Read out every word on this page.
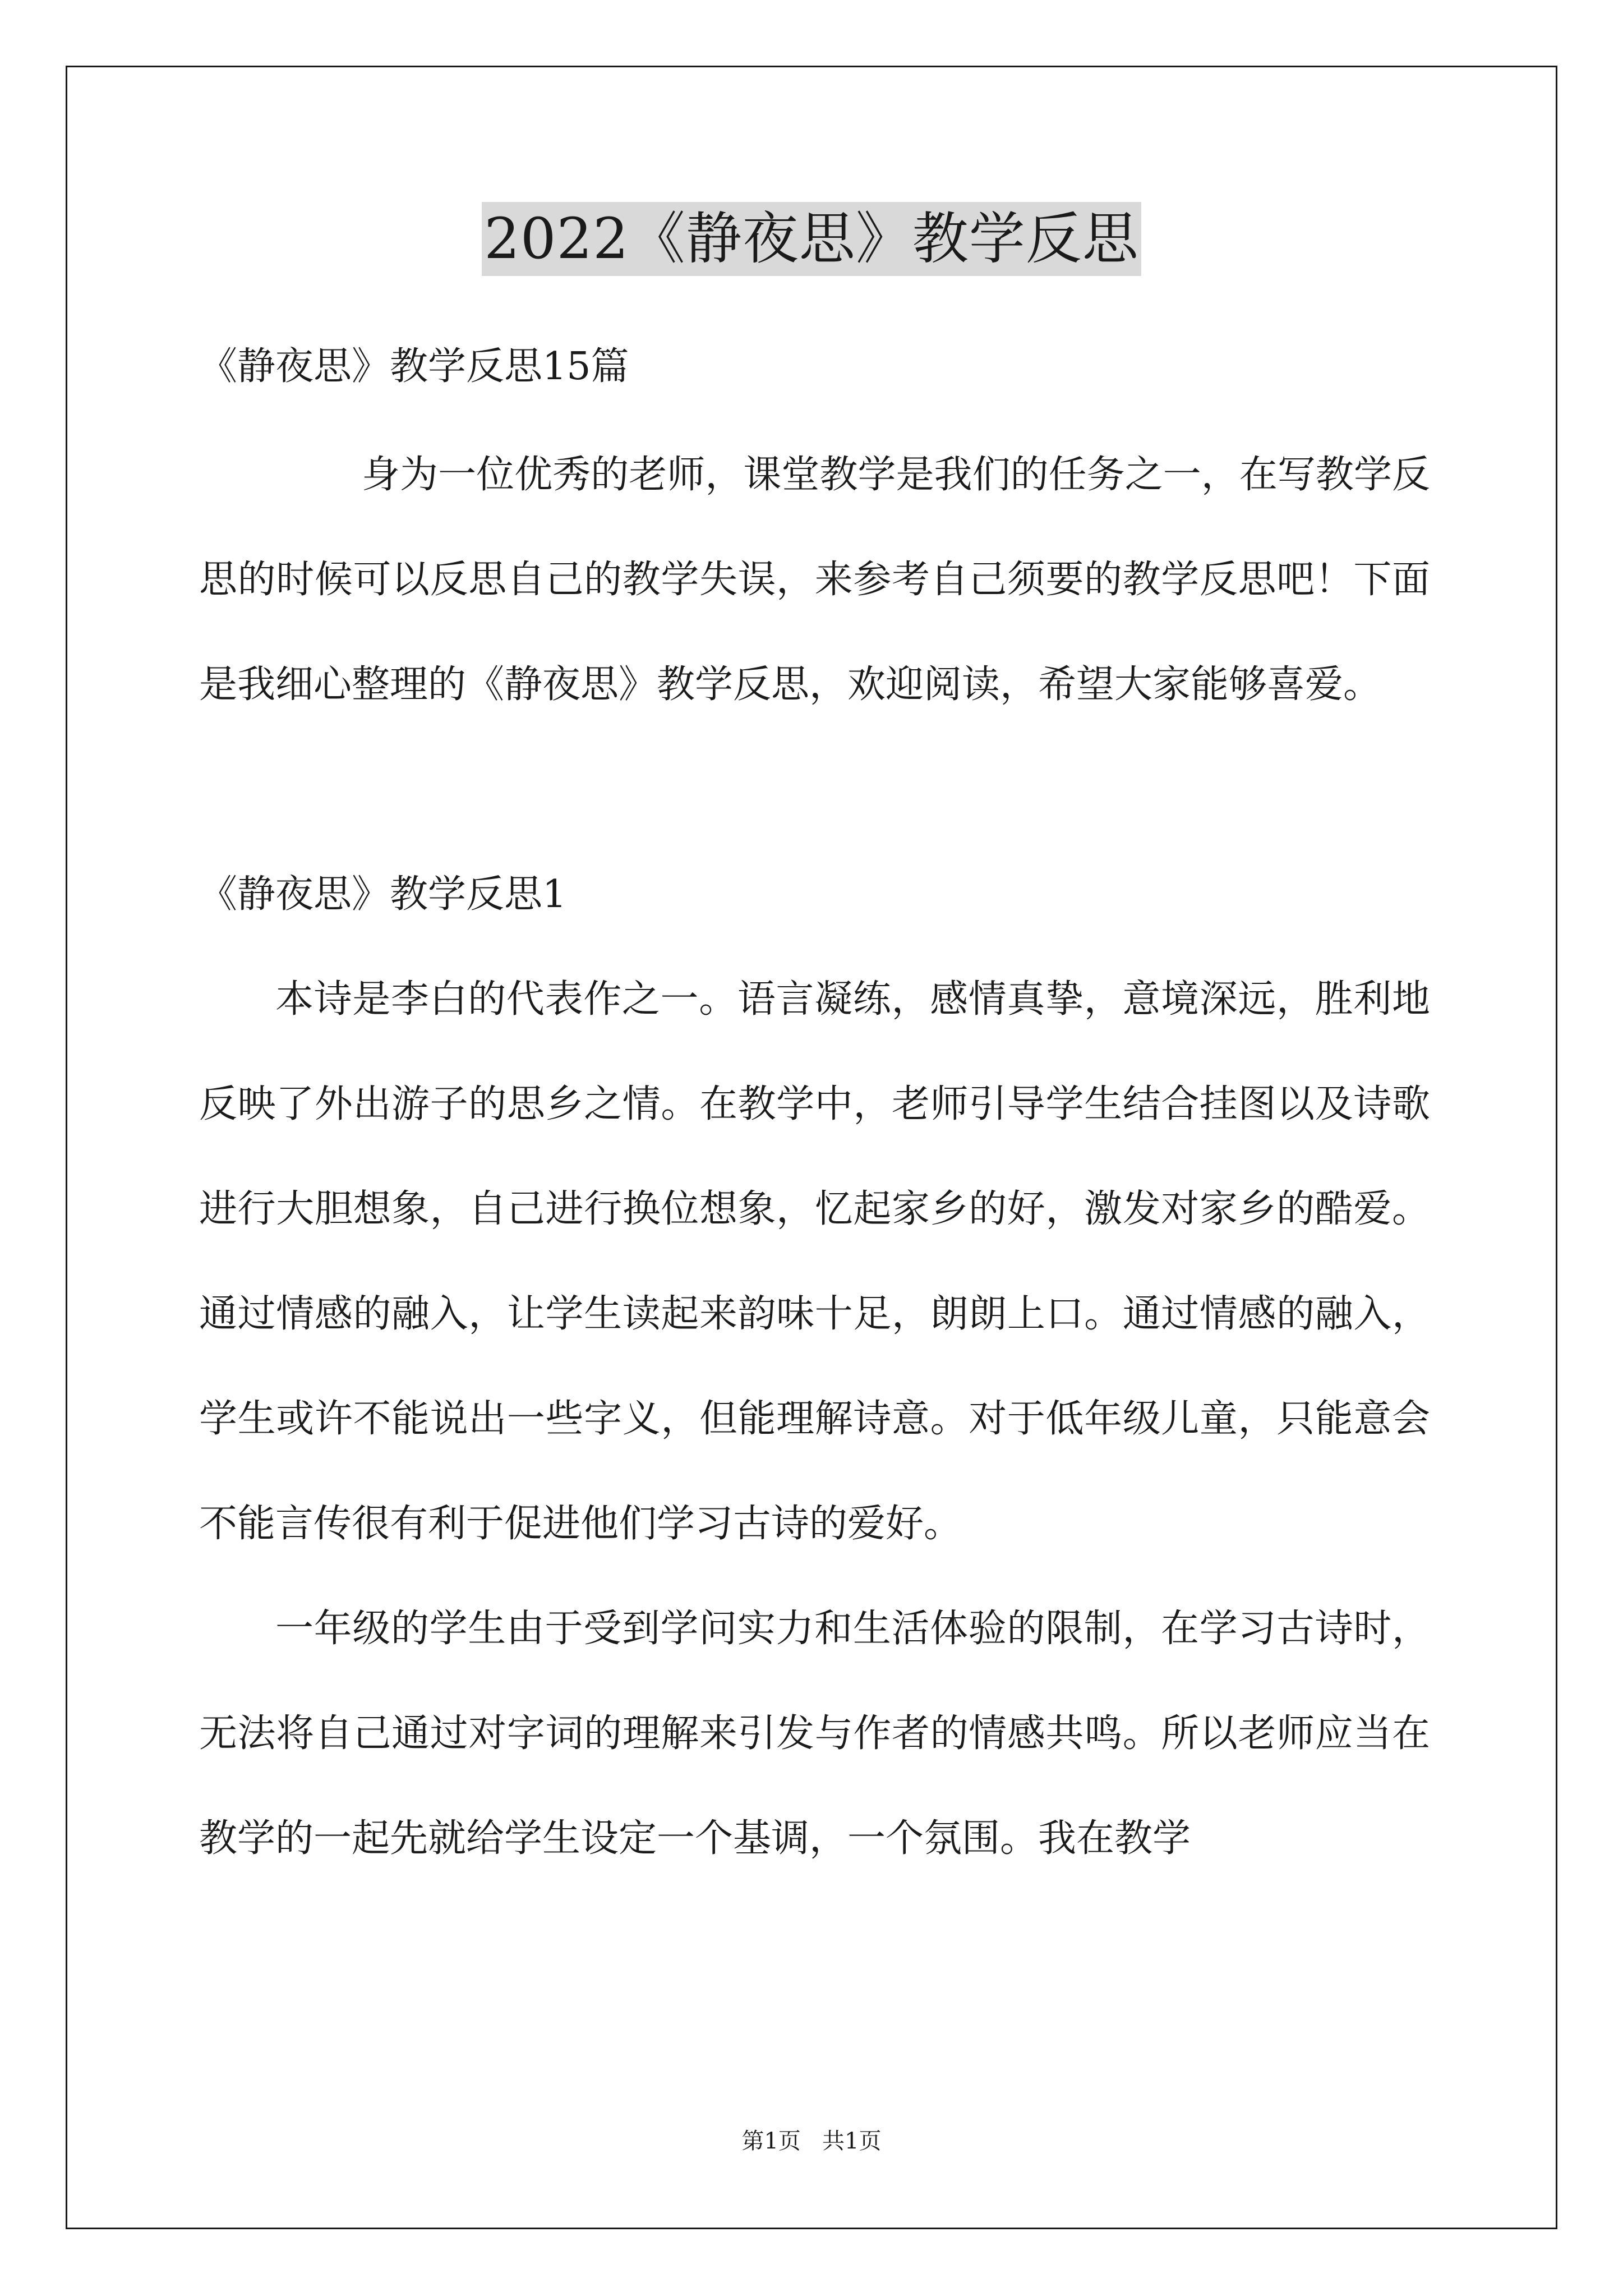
2022《静夜思》教学反思

《静夜思》教学反思15篇

身为一位优秀的老师，课堂教学是我们的任务之一，在写教学反思的时候可以反思自己的教学失误，来参考自己须要的教学反思吧！下面是我细心整理的《静夜思》教学反思，欢迎阅读，希望大家能够喜爱。

《静夜思》教学反思1

本诗是李白的代表作之一。语言凝练，感情真挚，意境深远，胜利地反映了外出游子的思乡之情。在教学中，老师引导学生结合挂图以及诗歌进行大胆想象，自己进行换位想象，忆起家乡的好，激发对家乡的酷爱。通过情感的融入，让学生读起来韵味十足，朗朗上口。通过情感的融入，学生或许不能说出一些字义，但能理解诗意。对于低年级儿童，只能意会不能言传很有利于促进他们学习古诗的爱好。

一年级的学生由于受到学问实力和生活体验的限制，在学习古诗时，无法将自己通过对字词的理解来引发与作者的情感共鸣。所以老师应当在教学的一起先就给学生设定一个基调，一个氛围。我在教学

第1页   共1页
